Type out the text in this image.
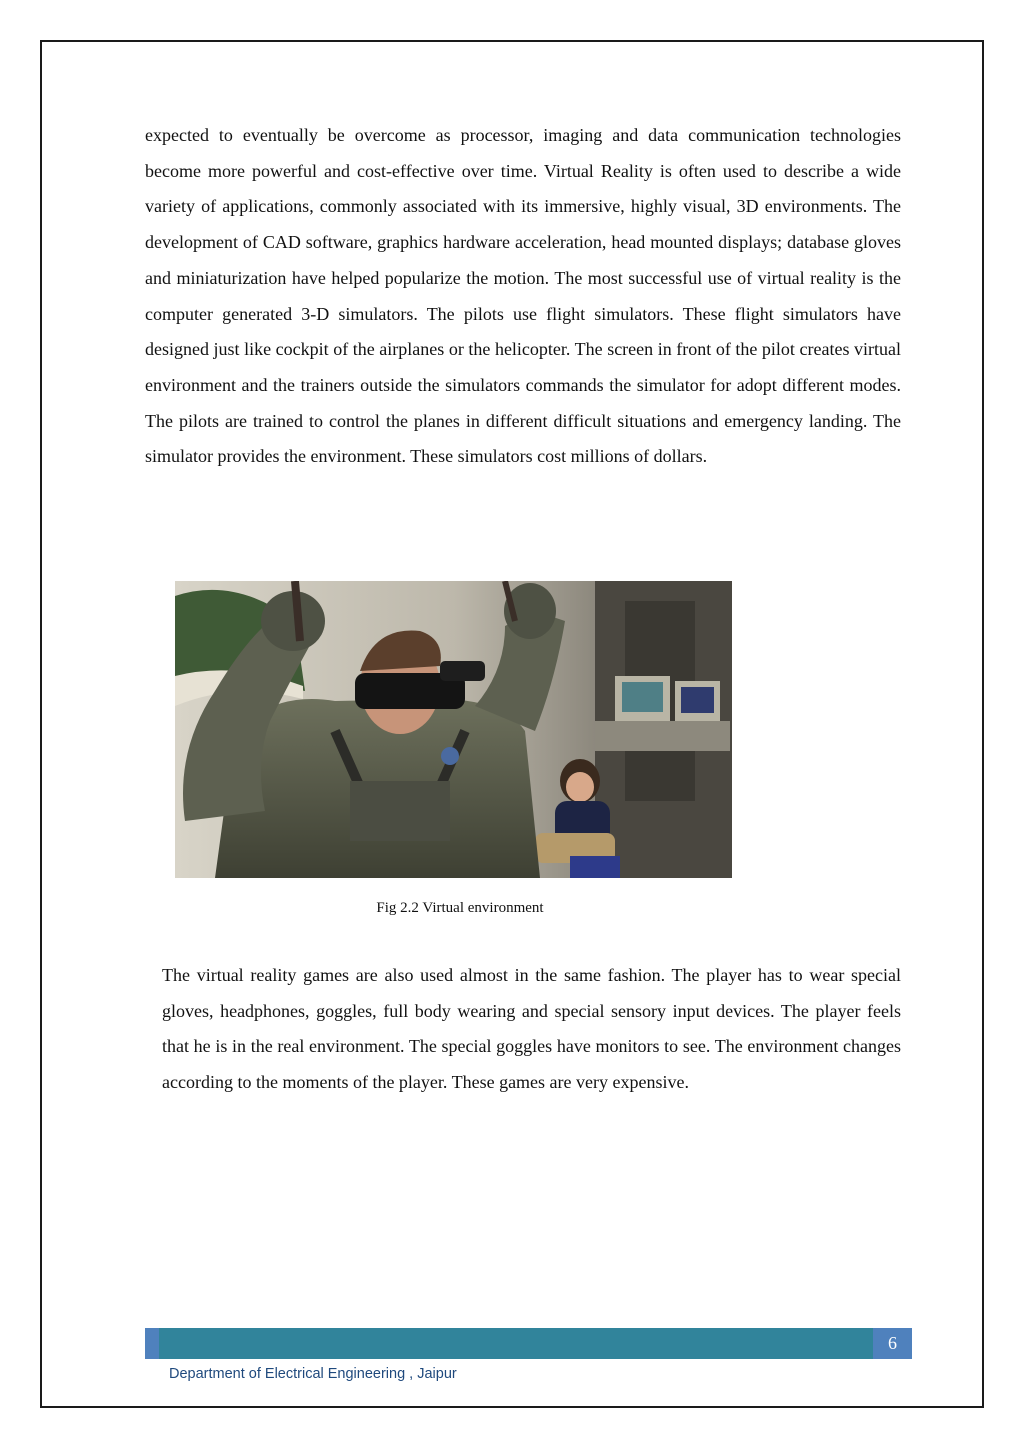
expected to eventually be overcome as processor, imaging and data communication technologies become more powerful and cost-effective over time. Virtual Reality is often used to describe a wide variety of applications, commonly associated with its immersive, highly visual, 3D environments. The development of CAD software, graphics hardware acceleration, head mounted displays; database gloves and miniaturization have helped popularize the motion. The most successful use of virtual reality is the computer generated 3-D simulators. The pilots use flight simulators. These flight simulators have designed just like cockpit of the airplanes or the helicopter. The screen in front of the pilot creates virtual environment and the trainers outside the simulators commands the simulator for adopt different modes. The pilots are trained to control the planes in different difficult situations and emergency landing. The simulator provides the environment. These simulators cost millions of dollars.

Fig 2.2 Virtual environment

The virtual reality games are also used almost in the same fashion. The player has to wear special gloves, headphones, goggles, full body wearing and special sensory input devices. The player feels that he is in the real environment. The special goggles have monitors to see. The environment changes according to the moments of the player. These games are very expensive.

6
Department of Electrical Engineering , Jaipur
